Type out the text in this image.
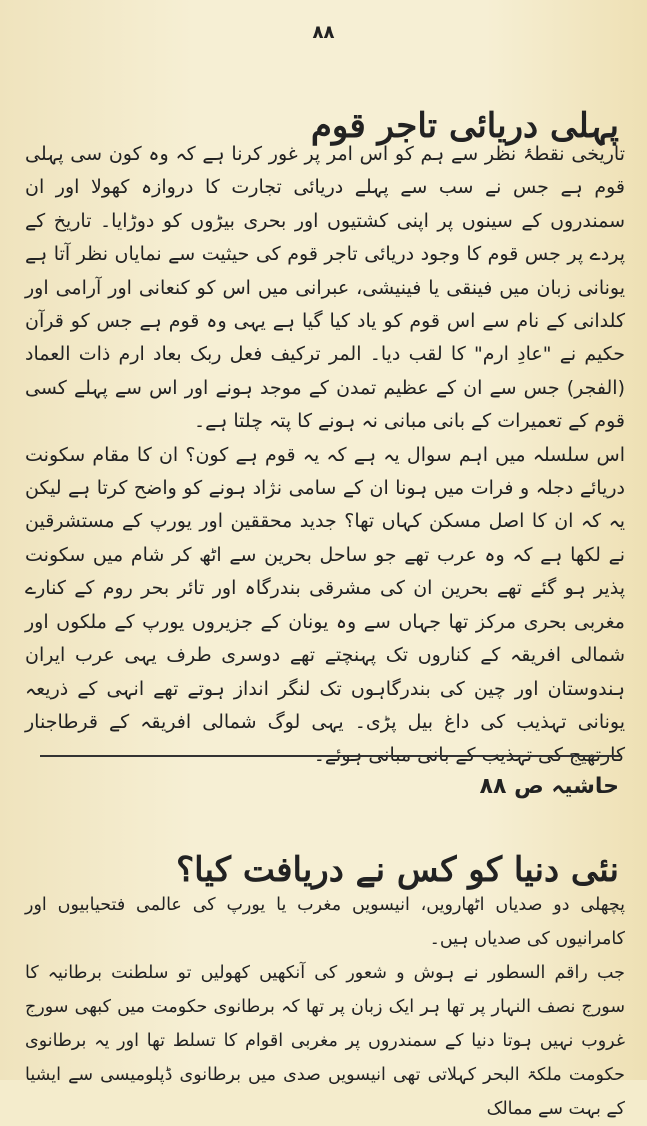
۸۸
پہلی دریائی تاجر قوم

تاریخی نقطۂ نظر سے ہم کو اس امر پر غور کرنا ہے کہ وہ کون سی پہلی قوم ہے جس نے سب سے پہلے دریائی تجارت کا دروازہ کھولا اور ان سمندروں کے سینوں پر اپنی کشتیوں اور بحری بیڑوں کو دوڑایا۔ تاریخ کے پردے پر جس قوم کا وجود دریائی تاجر قوم کی حیثیت سے نمایاں نظر آتا ہے یونانی زبان میں فینقی یا فینیشی، عبرانی میں اس کو کنعانی اور آرامی اور کلدانی کے نام سے اس قوم کو یاد کیا گیا ہے یہی وہ قوم ہے جس کو قرآن حکیم نے "عادِ ارم" کا لقب دیا۔ المر ترکیف فعل ربک بعاد ارم ذات العماد (الفجر) جس سے ان کے عظیم تمدن کے موجد ہونے اور اس سے پہلے کسی قوم کے تعمیرات کے بانی مبانی نہ ہونے کا پتہ چلتا ہے۔

اس سلسلہ میں اہم سوال یہ ہے کہ یہ قوم ہے کون؟ ان کا مقام سکونت دریائے دجلہ و فرات میں ہونا ان کے سامی نژاد ہونے کو واضح کرتا ہے لیکن یہ کہ ان کا اصل مسکن کہاں تھا؟ جدید محققین اور یورپ کے مستشرقین نے لکھا ہے کہ وہ عرب تھے جو ساحل بحرین سے اٹھ کر شام میں سکونت پذیر ہو گئے تھے بحرین ان کی مشرقی بندرگاہ اور تائر بحر روم کے کنارے مغربی بحری مرکز تھا جہاں سے وہ یونان کے جزیروں یورپ کے ملکوں اور شمالی افریقہ کے کناروں تک پہنچتے تھے دوسری طرف یہی عرب ایران ہندوستان اور چین کی بندرگاہوں تک لنگر انداز ہوتے تھے انہی کے ذریعہ یونانی تہذیب کی داغ بیل پڑی۔ یہی لوگ شمالی افریقہ کے قرطاجنار کارتھیج کی تہذیب کے بانی مبانی ہوئے۔

حاشیہ ص ۸۸
نئی دنیا کو کس نے دریافت کیا؟

پچھلی دو صدیاں اٹھارویں، انیسویں مغرب یا یورپ کی عالمی فتحیابیوں اور کامرانیوں کی صدیاں ہیں۔

جب راقم السطور نے ہوش و شعور کی آنکھیں کھولیں تو سلطنت برطانیہ کا سورج نصف النہار پر تھا ہر ایک زبان پر تھا کہ برطانوی حکومت میں کبھی سورج غروب نہیں ہوتا دنیا کے سمندروں پر مغربی اقوام کا تسلط تھا اور یہ برطانوی حکومت ملکۃ البحر کہلاتی تھی انیسویں صدی میں برطانوی ڈپلومیسی سے ایشیا کے بہت سے ممالک
